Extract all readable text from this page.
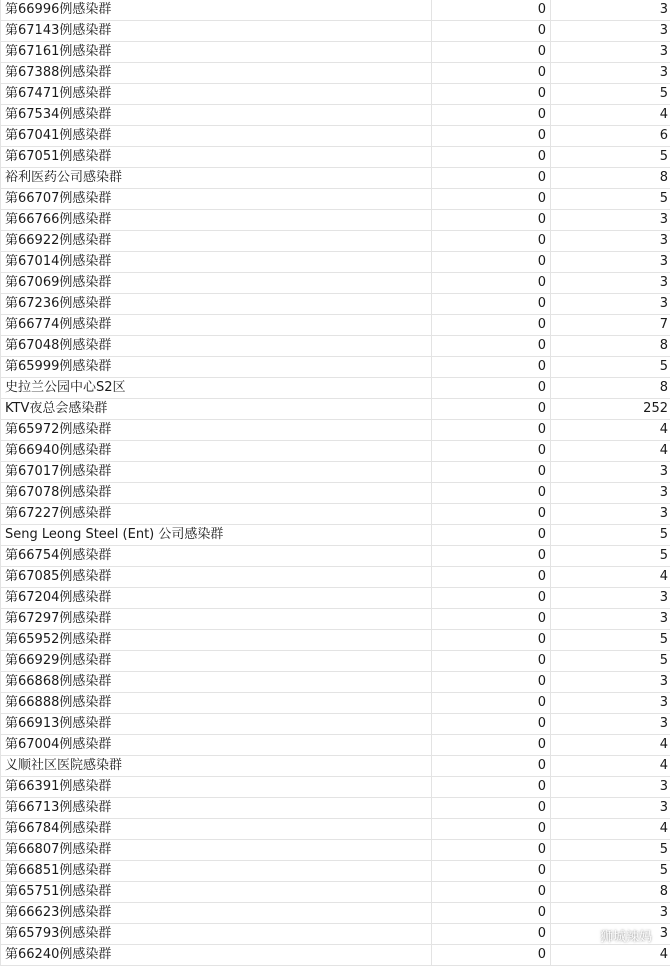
第66996例感染群	0	3
第67143例感染群	0	3
第67161例感染群	0	3
第67388例感染群	0	3
第67471例感染群	0	5
第67534例感染群	0	4
第67041例感染群	0	6
第67051例感染群	0	5
裕利医药公司感染群	0	8
第66707例感染群	0	5
第66766例感染群	0	3
第66922例感染群	0	3
第67014例感染群	0	3
第67069例感染群	0	3
第67236例感染群	0	3
第66774例感染群	0	7
第67048例感染群	0	8
第65999例感染群	0	5
史拉兰公园中心S2区	0	8
KTV夜总会感染群	0	252
第65972例感染群	0	4
第66940例感染群	0	4
第67017例感染群	0	3
第67078例感染群	0	3
第67227例感染群	0	3
Seng Leong Steel (Ent) 公司感染群	0	5
第66754例感染群	0	5
第67085例感染群	0	4
第67204例感染群	0	3
第67297例感染群	0	3
第65952例感染群	0	5
第66929例感染群	0	5
第66868例感染群	0	3
第66888例感染群	0	3
第66913例感染群	0	3
第67004例感染群	0	4
义顺社区医院感染群	0	4
第66391例感染群	0	3
第66713例感染群	0	3
第66784例感染群	0	4
第66807例感染群	0	5
第66851例感染群	0	5
第65751例感染群	0	8
第66623例感染群	0	3
第65793例感染群	0	3
第66240例感染群	0	4
狮城辣妈
